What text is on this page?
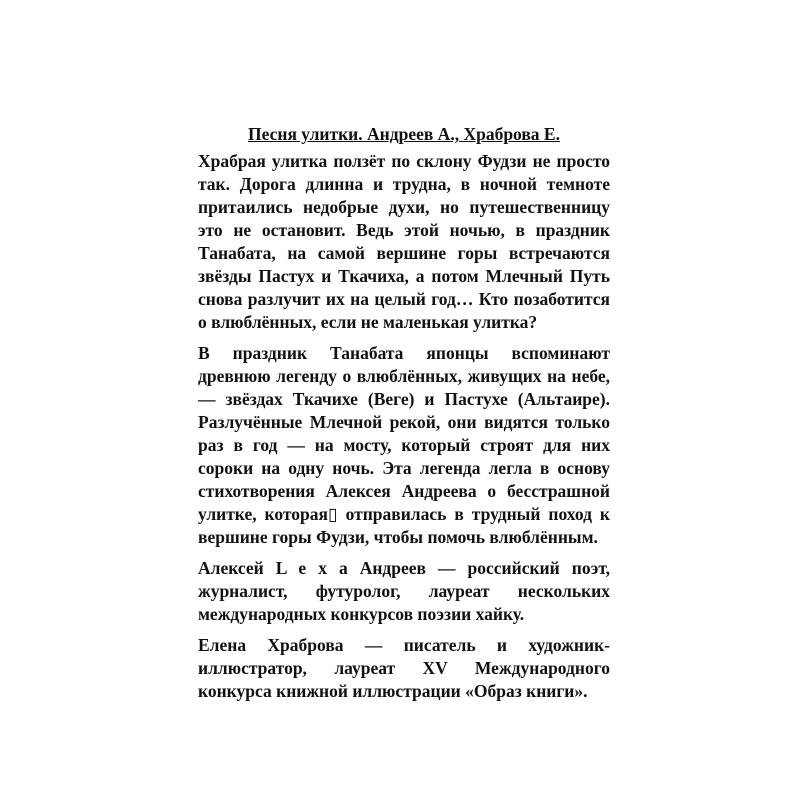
Песня улитки. Андреев А., Храброва Е.

Храбрая улитка ползёт по склону Фудзи не просто так. Дорога длинна и трудна, в ночной темноте притаились недобрые духи, но путешественницу это не остановит. Ведь этой ночью, в праздник Танабата, на самой вершине горы встречаются звёзды Пастух и Ткачиха, а потом Млечный Путь снова разлучит их на целый год… Кто позаботится о влюблённых, если не маленькая улитка?

В праздник Танабата японцы вспоминают древнюю легенду о влюблённых, живущих на небе, — звёздах Ткачихе (Веге) и Пастухе (Альтаире). Разлучённые Млечной рекой, они видятся только раз в год — на мосту, который строят для них сороки на одну ночь. Эта легенда легла в основу стихотворения Алексея Андреева о бесстрашной улитке, которая▯ отправилась в трудный поход к вершине горы Фудзи, чтобы помочь влюблённым.

Алексей L e x a Андреев — российский поэт, журналист, футуролог, лауреат нескольких международных конкурсов поэзии хайку.

Елена Храброва — писатель и художник-иллюстратор, лауреат XV Международного конкурса книжной иллюстрации «Образ книги».
